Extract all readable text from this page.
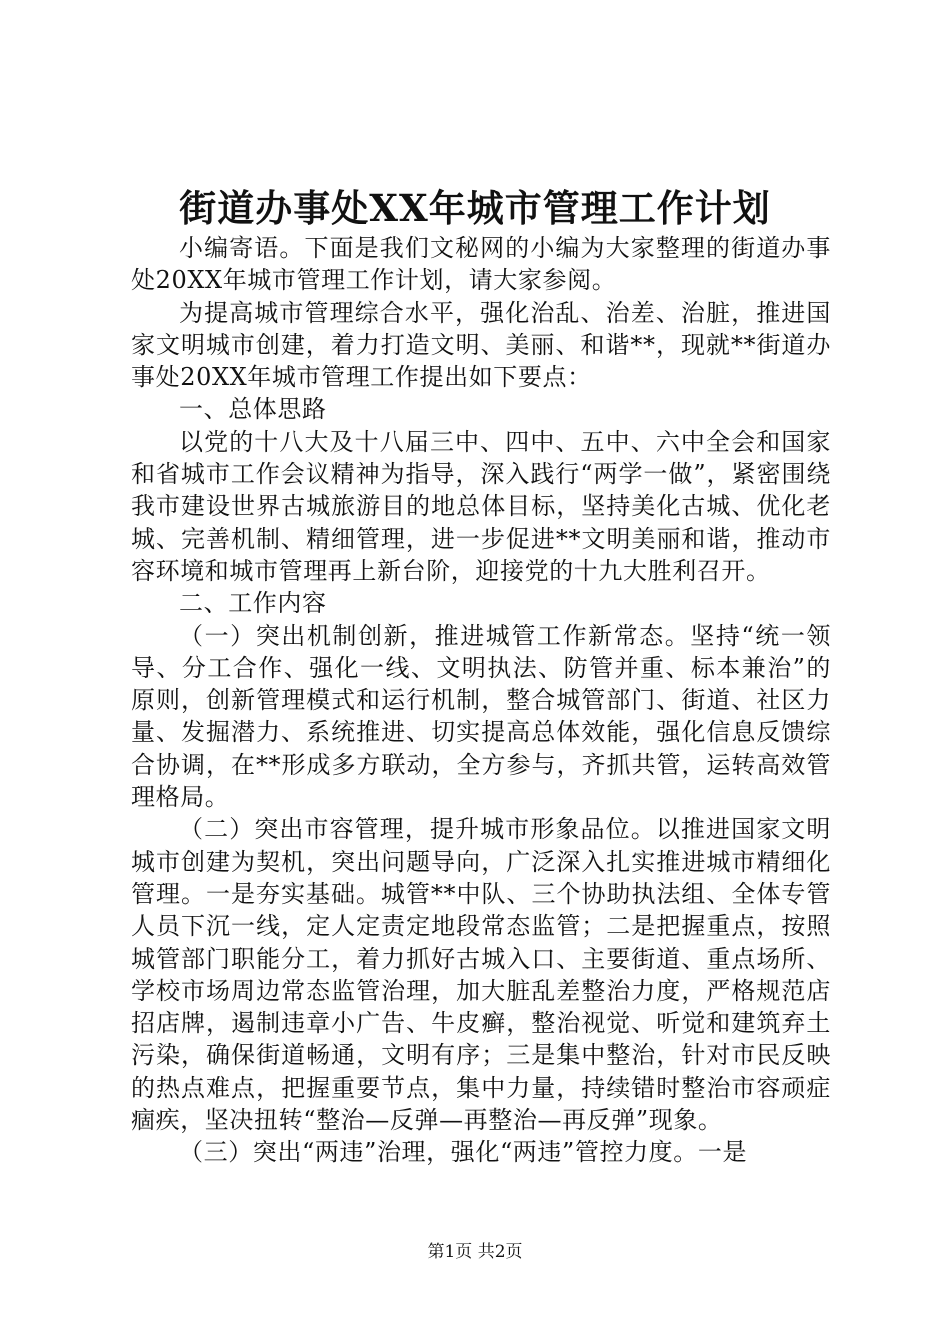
街道办事处XX年城市管理工作计划

小编寄语。下面是我们文秘网的小编为大家整理的街道办事处20XX年城市管理工作计划，请大家参阅。

为提高城市管理综合水平，强化治乱、治差、治脏，推进国家文明城市创建，着力打造文明、美丽、和谐**，现就**街道办事处20XX年城市管理工作提出如下要点：

一、总体思路

以党的十八大及十八届三中、四中、五中、六中全会和国家和省城市工作会议精神为指导，深入践行“两学一做”，紧密围绕我市建设世界古城旅游目的地总体目标，坚持美化古城、优化老城、完善机制、精细管理，进一步促进**文明美丽和谐，推动市容环境和城市管理再上新台阶，迎接党的十九大胜利召开。

二、工作内容

（一）突出机制创新，推进城管工作新常态。坚持“统一领导、分工合作、强化一线、文明执法、防管并重、标本兼治”的原则，创新管理模式和运行机制，整合城管部门、街道、社区力量、发掘潜力、系统推进、切实提高总体效能，强化信息反馈综合协调，在**形成多方联动，全方参与，齐抓共管，运转高效管理格局。

（二）突出市容管理，提升城市形象品位。以推进国家文明城市创建为契机，突出问题导向，广泛深入扎实推进城市精细化管理。一是夯实基础。城管**中队、三个协助执法组、全体专管人员下沉一线，定人定责定地段常态监管；二是把握重点，按照城管部门职能分工，着力抓好古城入口、主要街道、重点场所、学校市场周边常态监管治理，加大脏乱差整治力度，严格规范店招店牌，遏制违章小广告、牛皮癣，整治视觉、听觉和建筑弃土污染，确保街道畅通，文明有序；三是集中整治，针对市民反映的热点难点，把握重要节点，集中力量，持续错时整治市容顽症痼疾，坚决扭转“整治—反弹—再整治—再反弹”现象。

（三）突出“两违”治理，强化“两违”管控力度。一是

第1页 共2页
